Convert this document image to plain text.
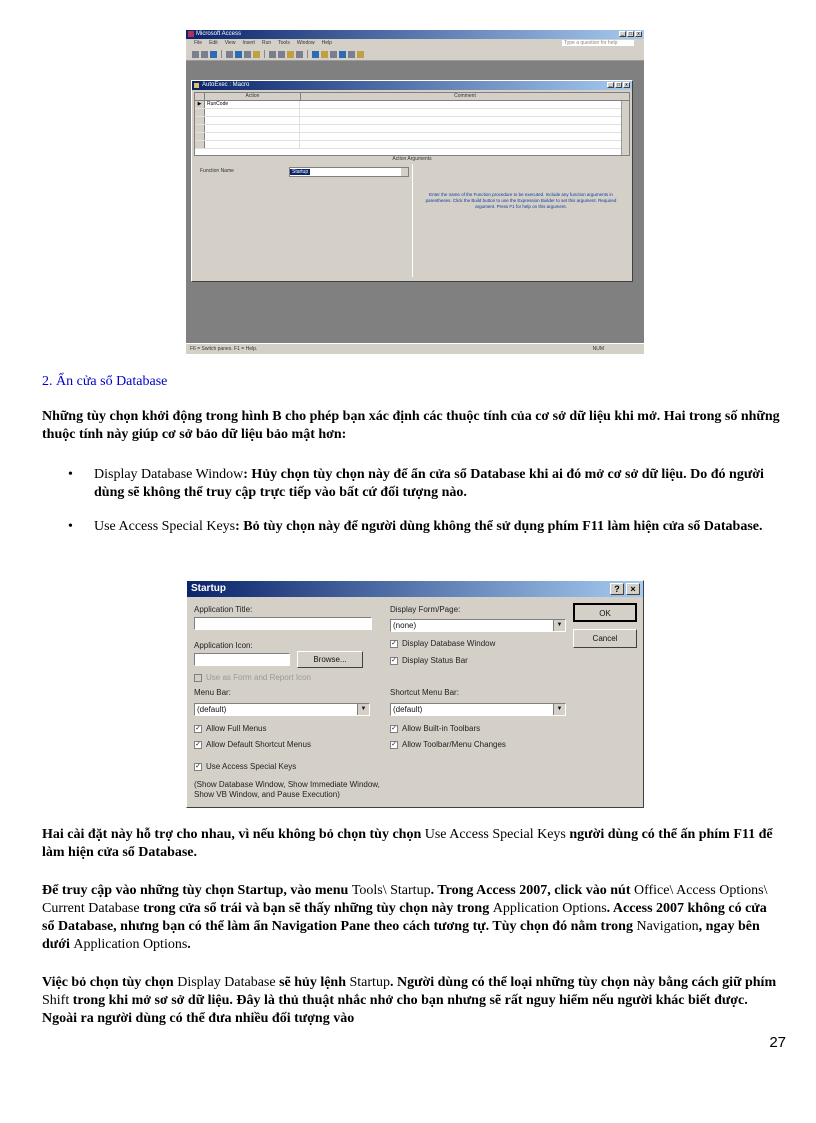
Microsoft Access	_	□	x
File Edit View Insert Run Tools Window Help	Type a question for help
AutoExec : Macro	_	□	x
Action	Comment
▶	RunCode
Action Arguments
Function Name	Startup
Enter the name of the Function procedure to be executed. Include any function arguments in parentheses. Click the Build button to use the Expression Builder to set this argument. Required argument. Press F1 for help on this argument.
F6 = Switch panes. F1 = Help.	NUM
2. Ẩn cửa sổ Database

Những tùy chọn khởi động trong hình B cho phép bạn xác định các thuộc tính của cơ sở dữ liệu khi mở. Hai trong số những thuộc tính này giúp cơ sở bảo dữ liệu bảo mật hơn:

• Display Database Window: Hủy chọn tùy chọn này để ẩn cửa sổ Database khi ai đó mở cơ sở dữ liệu. Do đó người dùng sẽ không thể truy cập trực tiếp vào bất cứ đối tượng nào.
• Use Access Special Keys: Bỏ tùy chọn này để người dùng không thể sử dụng phím F11 làm hiện cửa sổ Database.
Startup	?	×
Application Title:
Application Icon:
Browse...
Use as Form and Report Icon
Menu Bar:
(default)	▼
✓ Allow Full Menus
✓ Allow Default Shortcut Menus
✓ Use Access Special Keys
(Show Database Window, Show Immediate Window, Show VB Window, and Pause Execution)
Display Form/Page:
(none)	▼
✓ Display Database Window
✓ Display Status Bar
Shortcut Menu Bar:
(default)	▼
✓ Allow Built-in Toolbars
✓ Allow Toolbar/Menu Changes
OK
Cancel

Hai cài đặt này hỗ trợ cho nhau, vì nếu không bỏ chọn tùy chọn Use Access Special Keys người dùng có thể ấn phím F11 để làm hiện cửa sổ Database.

Để truy cập vào những tùy chọn Startup, vào menu Tools\ Startup. Trong Access 2007, click vào nút Office\ Access Options\ Current Database trong cửa sổ trái và bạn sẽ thấy những tùy chọn này trong Application Options. Access 2007 không có cửa sổ Database, nhưng bạn có thể làm ẩn Navigation Pane theo cách tương tự. Tùy chọn đó nằm trong Navigation, ngay bên dưới Application Options.

Việc bỏ chọn tùy chọn Display Database sẽ hủy lệnh Startup. Người dùng có thể loại những tùy chọn này bằng cách giữ phím Shift trong khi mở sơ sở dữ liệu. Đây là thủ thuật nhắc nhở cho bạn nhưng sẽ rất nguy hiểm nếu người khác biết được. Ngoài ra người dùng có thể đưa nhiều đối tượng vào

27
